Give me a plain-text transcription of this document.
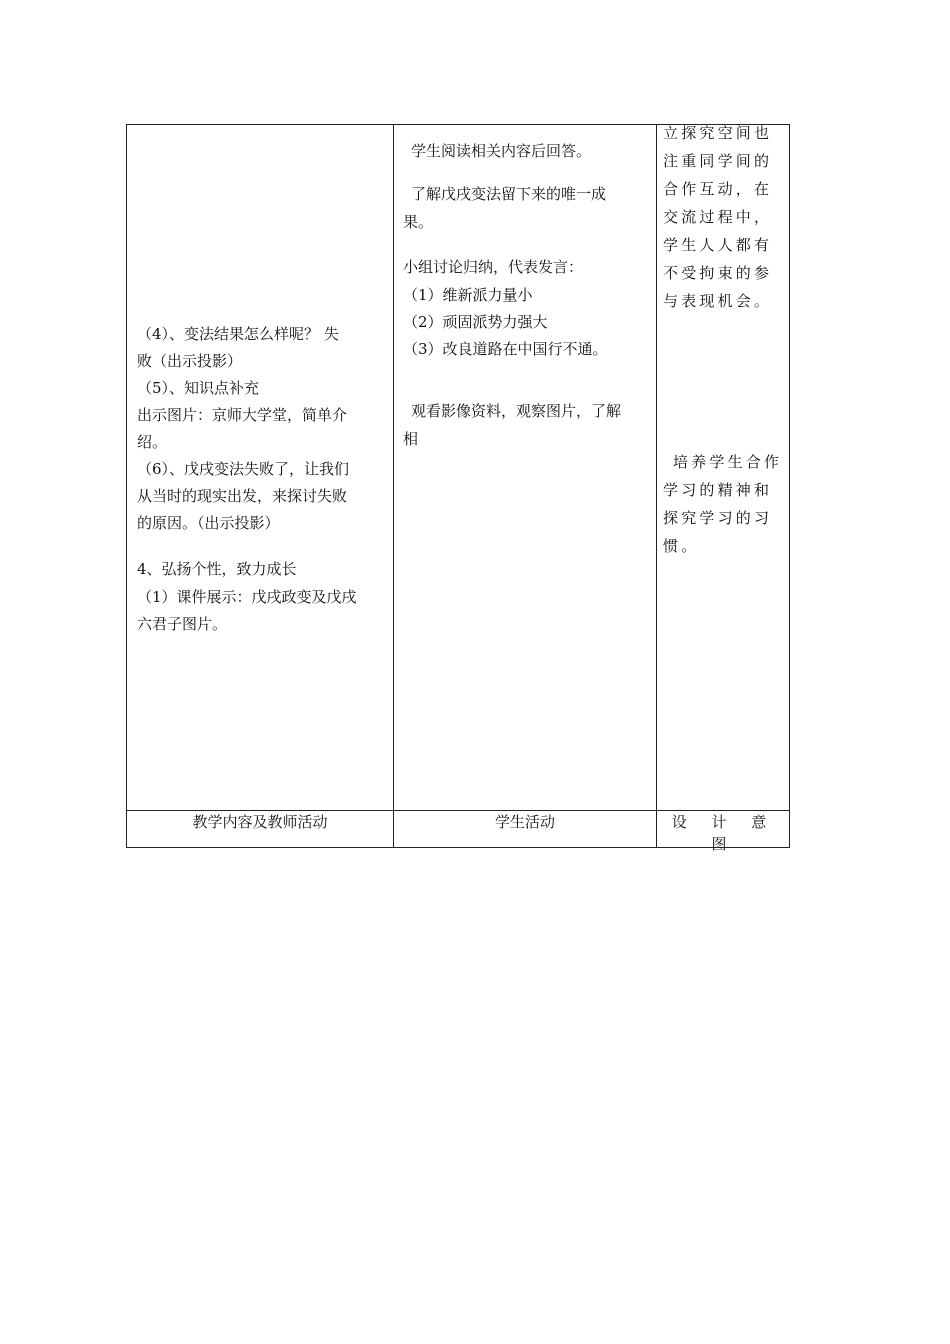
（4）、变法结果怎么样呢？ 失

败（出示投影）

（5）、知识点补充

出示图片：京师大学堂，简单介

绍。

（6）、戊戌变法失败了，让我们

从当时的现实出发，来探讨失败

的原因。（出示投影）

4、弘扬个性，致力成长

（1）课件展示：戊戌政变及戊戌

六君子图片。

学生阅读相关内容后回答。

了解戊戌变法留下来的唯一成

果。

小组讨论归纳，代表发言：

（1）维新派力量小

（2）顽固派势力强大

（3）改良道路在中国行不通。

观看影像资料，观察图片，了解

相

立探究空间也

注重同学间的

合作互动，在

交流过程中，

学生人人都有

不受拘束的参

与表现机会。

培养学生合作

学习的精神和

探究学习的习

惯。

教学内容及教师活动	学生活动	设 计 意 图
